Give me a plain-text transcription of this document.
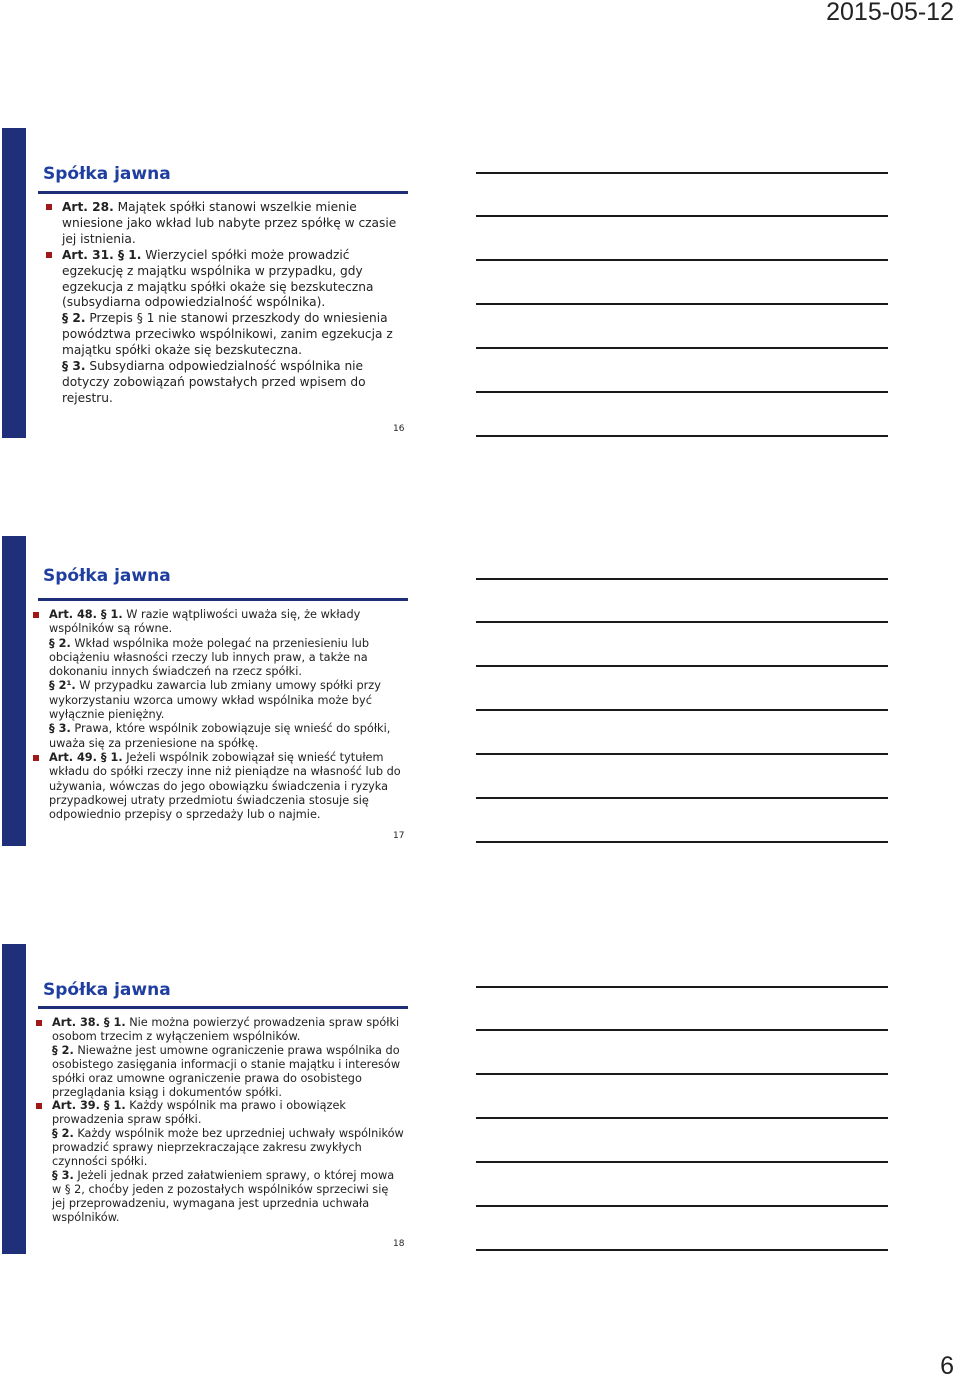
2015-05-12
Spółka jawna

Art. 28. Majątek spółki stanowi wszelkie mienie wniesione jako wkład lub nabyte przez spółkę w czasie jej istnienia.

Art. 31. § 1. Wierzyciel spółki może prowadzić egzekucję z majątku wspólnika w przypadku, gdy egzekucja z majątku spółki okaże się bezskuteczna (subsydiarna odpowiedzialność wspólnika).

§ 2. Przepis § 1 nie stanowi przeszkody do wniesienia powództwa przeciwko wspólnikowi, zanim egzekucja z majątku spółki okaże się bezskuteczna.

§ 3. Subsydiarna odpowiedzialność wspólnika nie dotyczy zobowiązań powstałych przed wpisem do rejestru.

16
Spółka jawna

Art. 48. § 1. W razie wątpliwości uważa się, że wkłady wspólników są równe.

§ 2. Wkład wspólnika może polegać na przeniesieniu lub obciążeniu własności rzeczy lub innych praw, a także na dokonaniu innych świadczeń na rzecz spółki.

§ 2¹. W przypadku zawarcia lub zmiany umowy spółki przy wykorzystaniu wzorca umowy wkład wspólnika może być wyłącznie pieniężny.

§ 3. Prawa, które wspólnik zobowiązuje się wnieść do spółki, uważa się za przeniesione na spółkę.

Art. 49. § 1. Jeżeli wspólnik zobowiązał się wnieść tytułem wkładu do spółki rzeczy inne niż pieniądze na własność lub do używania, wówczas do jego obowiązku świadczenia i ryzyka przypadkowej utraty przedmiotu świadczenia stosuje się odpowiednio przepisy o sprzedaży lub o najmie.

17
Spółka jawna

Art. 38. § 1. Nie można powierzyć prowadzenia spraw spółki osobom trzecim z wyłączeniem wspólników.

§ 2. Nieważne jest umowne ograniczenie prawa wspólnika do osobistego zasięgania informacji o stanie majątku i interesów spółki oraz umowne ograniczenie prawa do osobistego przeglądania ksiąg i dokumentów spółki.

Art. 39. § 1. Każdy wspólnik ma prawo i obowiązek prowadzenia spraw spółki.

§ 2. Każdy wspólnik może bez uprzedniej uchwały wspólników prowadzić sprawy nieprzekraczające zakresu zwykłych czynności spółki.

§ 3. Jeżeli jednak przed załatwieniem sprawy, o której mowa w § 2, choćby jeden z pozostałych wspólników sprzeciwi się jej przeprowadzeniu, wymagana jest uprzednia uchwała wspólników.

18
6
